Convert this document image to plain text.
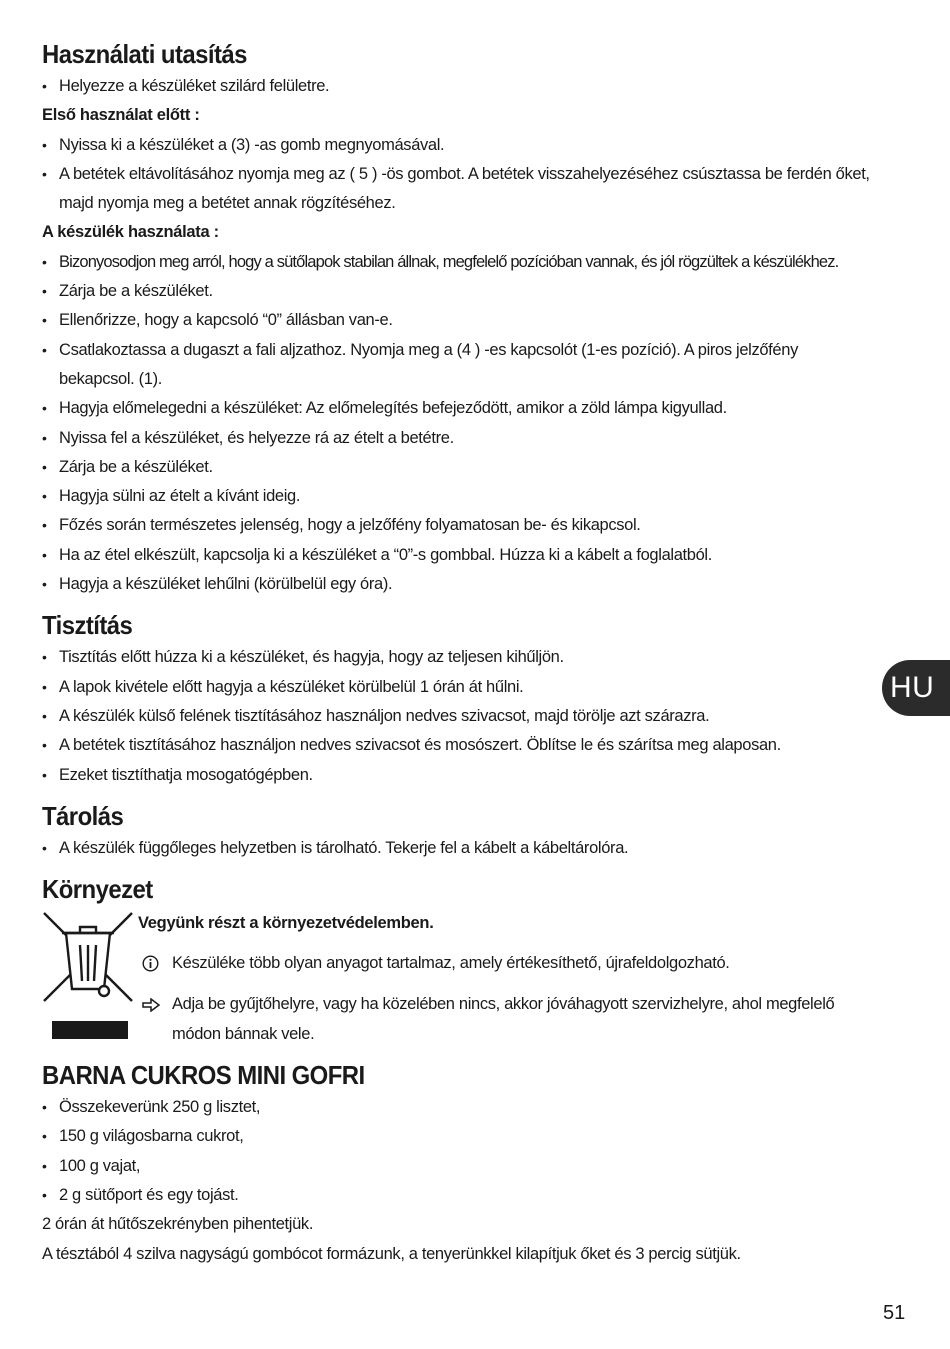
Használati utasítás
• Helyezze a készüléket szilárd felületre.

Első használat előtt :

• Nyissa ki a készüléket a (3) -as gomb megnyomásával.
• A betétek eltávolításához nyomja meg az ( 5 ) -ös gombot. A betétek visszahelyezéséhez csúsztassa be ferdén őket, majd nyomja meg a betétet annak rögzítéséhez.

A készülék használata :

• Bizonyosodjon meg arról, hogy a sütőlapok stabilan állnak, megfelelő pozícióban vannak, és jól rögzültek a készülékhez.
• Zárja be a készüléket.
• Ellenőrizze, hogy a kapcsoló “0” állásban van-e.
• Csatlakoztassa a dugaszt a fali aljzathoz. Nyomja meg a (4 ) -es kapcsolót (1-es pozíció). A piros jelzőfény bekapcsol. (1).
• Hagyja előmelegedni a készüléket: Az előmelegítés befejeződött, amikor a zöld lámpa kigyullad.
• Nyissa fel a készüléket, és helyezze rá az ételt a betétre.
• Zárja be a készüléket.
• Hagyja sülni az ételt a kívánt ideig.
• Főzés során természetes jelenség, hogy a jelzőfény folyamatosan be- és kikapcsol.
• Ha az étel elkészült, kapcsolja ki a készüléket a “0”-s gombbal. Húzza ki a kábelt a foglalatból.
• Hagyja a készüléket lehűlni (körülbelül egy óra).
Tisztítás
• Tisztítás előtt húzza ki a készüléket, és hagyja, hogy az teljesen kihűljön.
• A lapok kivétele előtt hagyja a készüléket körülbelül 1 órán át hűlni.
• A készülék külső felének tisztításához használjon nedves szivacsot, majd törölje azt szárazra.
• A betétek tisztításához használjon nedves szivacsot és mosószert. Öblítse le és szárítsa meg alaposan.
• Ezeket tisztíthatja mosogatógépben.
Tárolás
• A készülék függőleges helyzetben is tárolható. Tekerje fel a kábelt a kábeltárolóra.
Környezet
Vegyünk részt a környezetvédelemben.
Készüléke több olyan anyagot tartalmaz, amely értékesíthető, újrafeldolgozható.
Adja be gyűjtőhelyre, vagy ha közelében nincs, akkor jóváhagyott szervizhelyre, ahol megfelelő módon bánnak vele.
BARNA CUKROS MINI GOFRI
• Összekeverünk 250 g lisztet,
• 150 g világosbarna cukrot,
• 100 g vajat,
• 2 g sütőport és egy tojást.

2 órán át hűtőszekrényben pihentetjük.

A tésztából 4 szilva nagyságú gombócot formázunk, a tenyerünkkel kilapítjuk őket és 3 percig sütjük.

HU
51
